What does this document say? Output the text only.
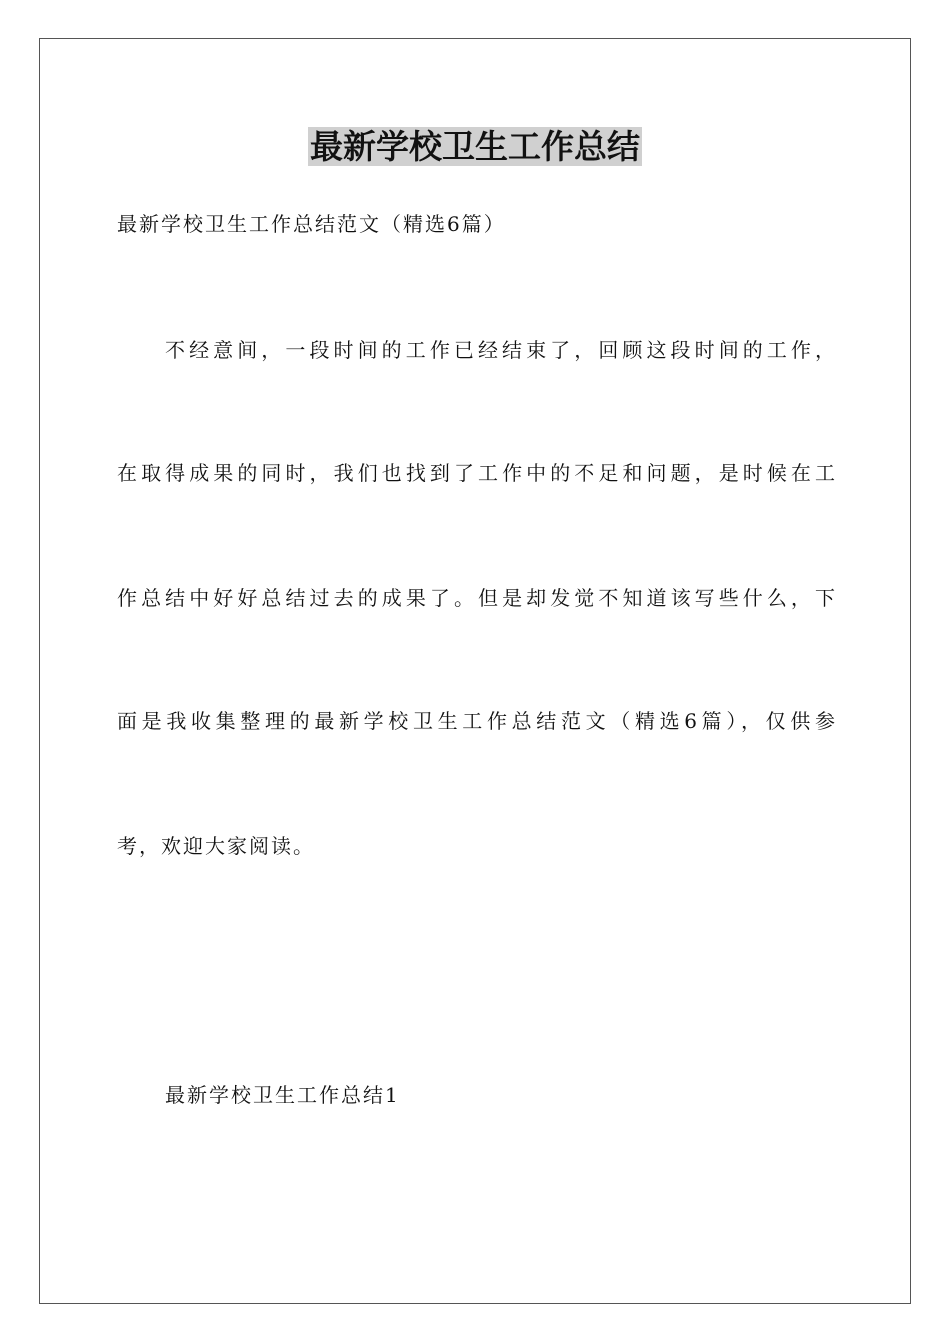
最新学校卫生工作总结
最新学校卫生工作总结范文（精选6篇）
不经意间，一段时间的工作已经结束了，回顾这段时间的工作，
在取得成果的同时，我们也找到了工作中的不足和问题，是时候在工
作总结中好好总结过去的成果了。但是却发觉不知道该写些什么，下
面是我收集整理的最新学校卫生工作总结范文（精选6篇），仅供参
考，欢迎大家阅读。
最新学校卫生工作总结1
